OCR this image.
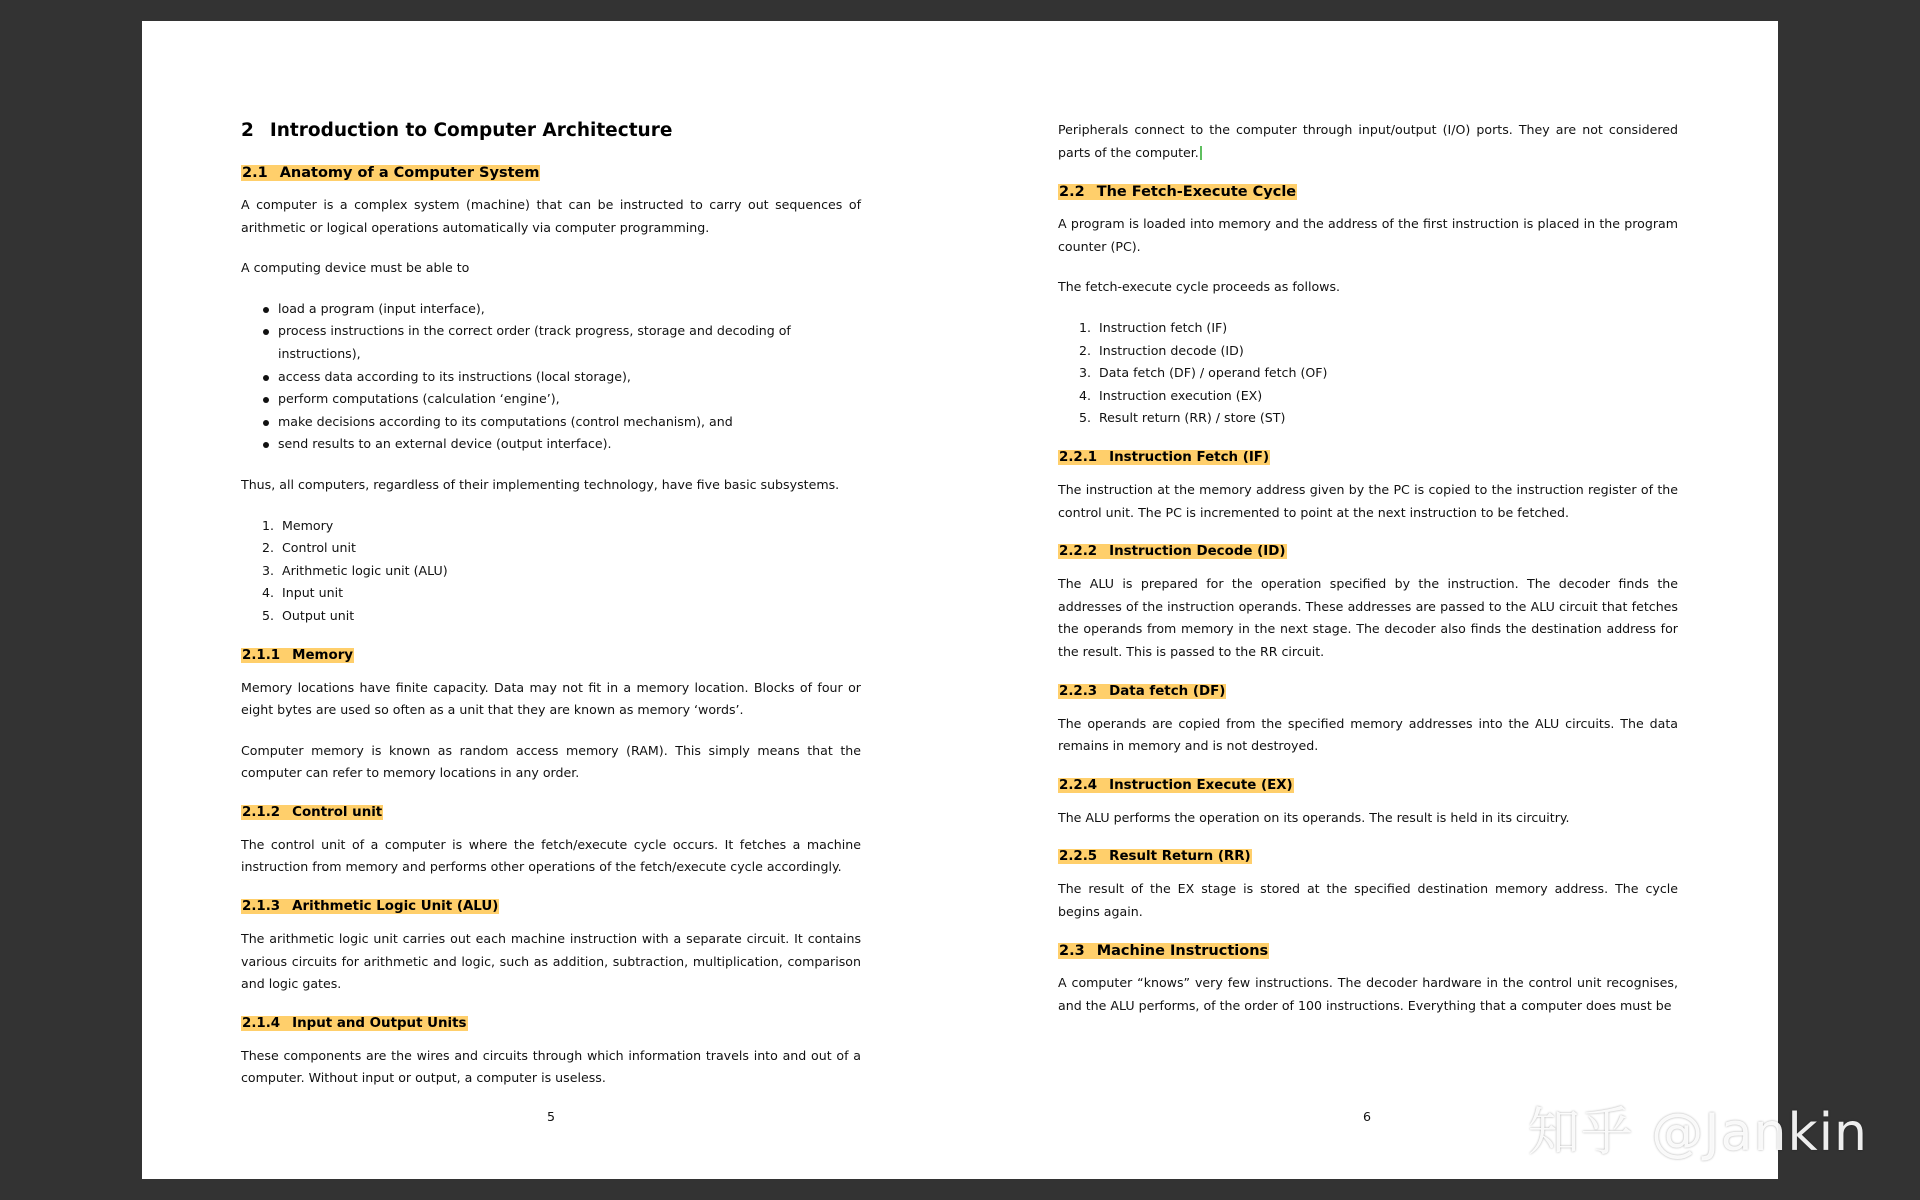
2 Introduction to Computer Architecture
2.1 Anatomy of a Computer System

A computer is a complex system (machine) that can be instructed to carry out sequences of arithmetic or logical operations automatically via computer programming.

A computing device must be able to

load a program (input interface),
process instructions in the correct order (track progress, storage and decoding of instructions),
access data according to its instructions (local storage),
perform computations (calculation ‘engine’),
make decisions according to its computations (control mechanism), and
send results to an external device (output interface).

Thus, all computers, regardless of their implementing technology, have five basic subsystems.

1. Memory
2. Control unit
3. Arithmetic logic unit (ALU)
4. Input unit
5. Output unit
2.1.1 Memory

Memory locations have finite capacity. Data may not fit in a memory location. Blocks of four or eight bytes are used so often as a unit that they are known as memory ‘words’.

Computer memory is known as random access memory (RAM). This simply means that the computer can refer to memory locations in any order.

2.1.2 Control unit

The control unit of a computer is where the fetch/execute cycle occurs. It fetches a machine instruction from memory and performs other operations of the fetch/execute cycle accordingly.

2.1.3 Arithmetic Logic Unit (ALU)

The arithmetic logic unit carries out each machine instruction with a separate circuit. It contains various circuits for arithmetic and logic, such as addition, subtraction, multiplication, comparison and logic gates.

2.1.4 Input and Output Units

These components are the wires and circuits through which information travels into and out of a computer. Without input or output, a computer is useless.

5

Peripherals connect to the computer through input/output (I/O) ports. They are not considered parts of the computer.

2.2 The Fetch-Execute Cycle

A program is loaded into memory and the address of the first instruction is placed in the program counter (PC).

The fetch-execute cycle proceeds as follows.

1. Instruction fetch (IF)
2. Instruction decode (ID)
3. Data fetch (DF) / operand fetch (OF)
4. Instruction execution (EX)
5. Result return (RR) / store (ST)
2.2.1 Instruction Fetch (IF)

The instruction at the memory address given by the PC is copied to the instruction register of the control unit. The PC is incremented to point at the next instruction to be fetched.

2.2.2 Instruction Decode (ID)

The ALU is prepared for the operation specified by the instruction. The decoder finds the addresses of the instruction operands. These addresses are passed to the ALU circuit that fetches the operands from memory in the next stage. The decoder also finds the destination address for the result. This is passed to the RR circuit.

2.2.3 Data fetch (DF)

The operands are copied from the specified memory addresses into the ALU circuits. The data remains in memory and is not destroyed.

2.2.4 Instruction Execute (EX)

The ALU performs the operation on its operands. The result is held in its circuitry.

2.2.5 Result Return (RR)

The result of the EX stage is stored at the specified destination memory address. The cycle begins again.

2.3 Machine Instructions

A computer “knows” very few instructions. The decoder hardware in the control unit recognises, and the ALU performs, of the order of 100 instructions. Everything that a computer does must be

6	知乎 @Jankin
